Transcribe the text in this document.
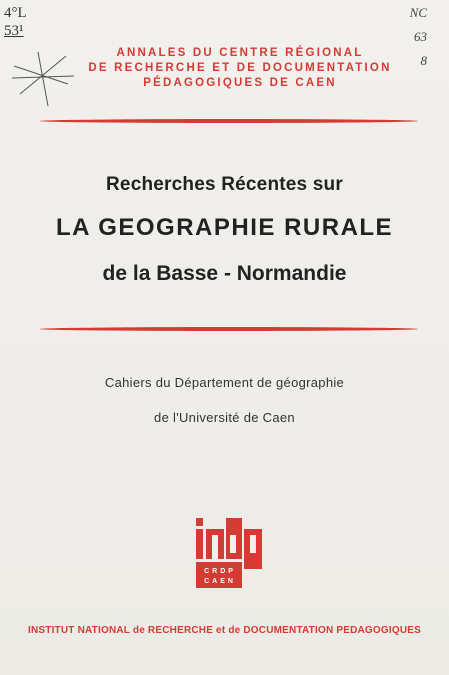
4°L
53¹
NC
63
8
ANNALES DU CENTRE RÉGIONAL
DE RECHERCHE ET DE DOCUMENTATION
PÉDAGOGIQUES DE CAEN
Recherches Récentes sur
LA GEOGRAPHIE RURALE
de la Basse - Normandie
Cahiers du Département de géographie
de l'Université de Caen
CRDP
CAEN
INSTITUT NATIONAL de RECHERCHE et de DOCUMENTATION PEDAGOGIQUES
